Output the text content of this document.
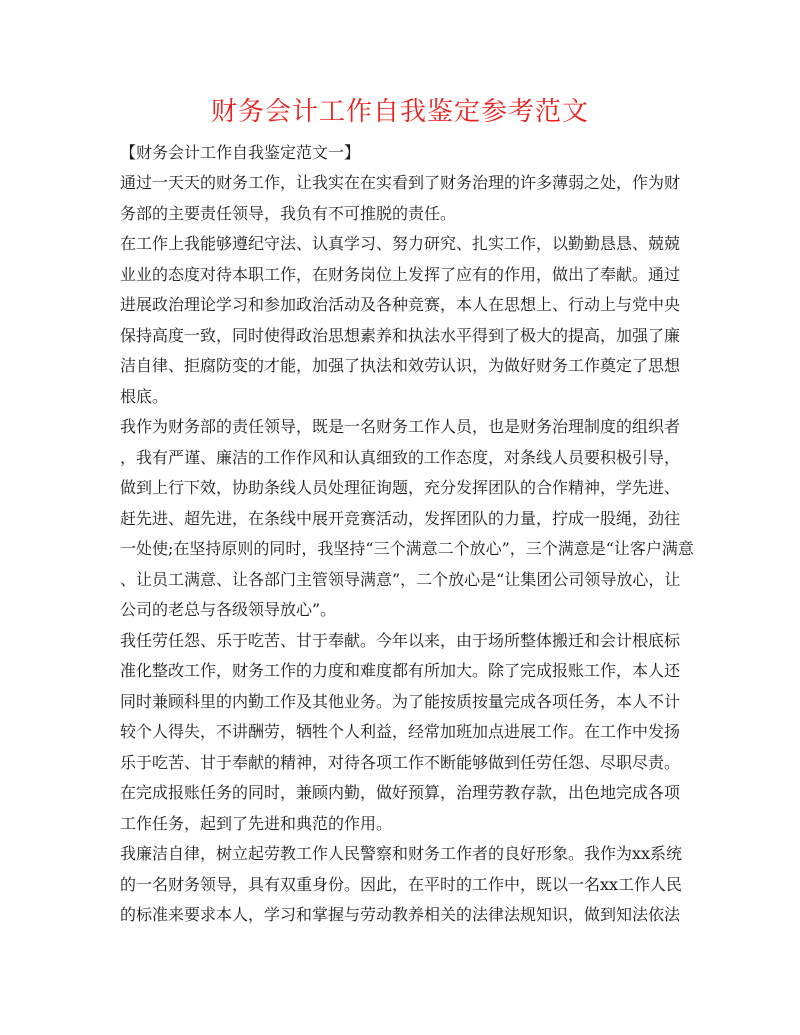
财务会计工作自我鉴定参考范文

【财务会计工作自我鉴定范文一】

通过一天天的财务工作，让我实在在实看到了财务治理的许多薄弱之处，作为财
务部的主要责任领导，我负有不可推脱的责任。
在工作上我能够遵纪守法、认真学习、努力研究、扎实工作，以勤勤恳恳、兢兢
业业的态度对待本职工作，在财务岗位上发挥了应有的作用，做出了奉献。通过
进展政治理论学习和参加政治活动及各种竞赛，本人在思想上、行动上与党中央
保持高度一致，同时使得政治思想素养和执法水平得到了极大的提高，加强了廉
洁自律、拒腐防变的才能，加强了执法和效劳认识，为做好财务工作奠定了思想
根底。
我作为财务部的责任领导，既是一名财务工作人员，也是财务治理制度的组织者
，我有严谨、廉洁的工作作风和认真细致的工作态度，对条线人员要积极引导，
做到上行下效，协助条线人员处理征询题，充分发挥团队的合作精神，学先进、
赶先进、超先进，在条线中展开竞赛活动，发挥团队的力量，拧成一股绳，劲往
一处使;在坚持原则的同时，我坚持“三个满意二个放心”，三个满意是“让客户满意
、让员工满意、让各部门主管领导满意”，二个放心是“让集团公司领导放心，让
公司的老总与各级领导放心”。
我任劳任怨、乐于吃苦、甘于奉献。今年以来，由于场所整体搬迁和会计根底标
准化整改工作，财务工作的力度和难度都有所加大。除了完成报账工作，本人还
同时兼顾科里的内勤工作及其他业务。为了能按质按量完成各项任务，本人不计
较个人得失，不讲酬劳，牺牲个人利益，经常加班加点进展工作。在工作中发扬
乐于吃苦、甘于奉献的精神，对待各项工作不断能够做到任劳任怨、尽职尽责。
在完成报账任务的同时，兼顾内勤，做好预算，治理劳教存款，出色地完成各项
工作任务，起到了先进和典范的作用。
我廉洁自律，树立起劳教工作人民警察和财务工作者的良好形象。我作为xx系统
的一名财务领导，具有双重身份。因此，在平时的工作中，既以一名xx工作人民
的标准来要求本人，学习和掌握与劳动教养相关的法律法规知识，做到知法依法
